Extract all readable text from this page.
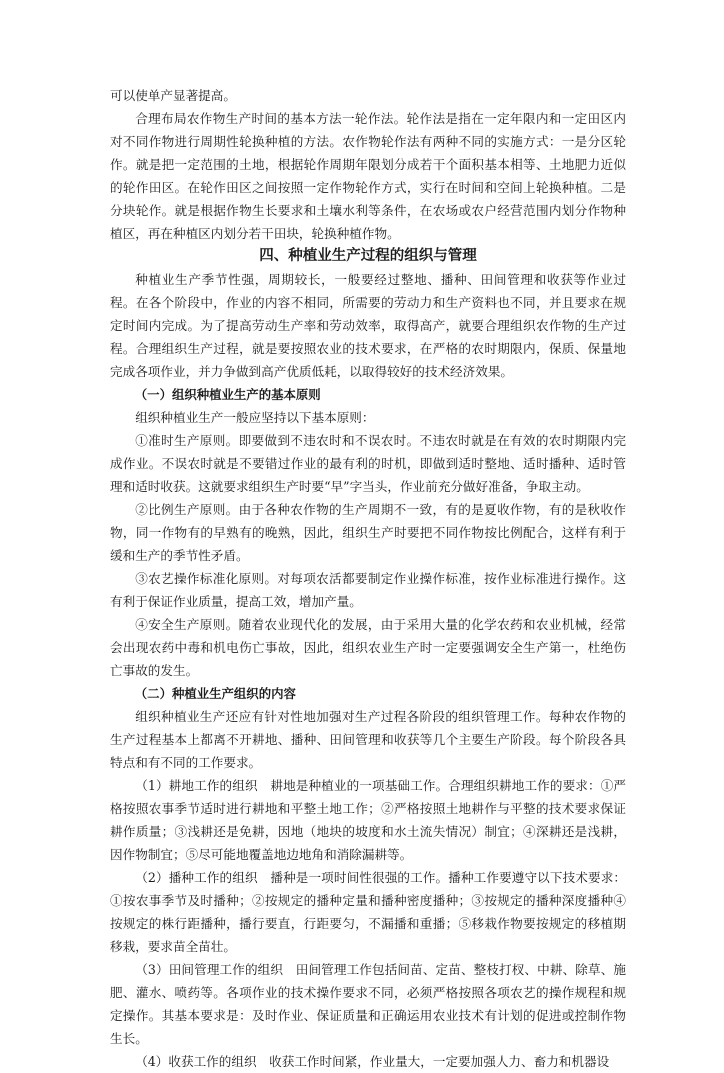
可以使单产显著提高。

合理布局农作物生产时间的基本方法一轮作法。轮作法是指在一定年限内和一定田区内对不同作物进行周期性轮换种植的方法。农作物轮作法有两种不同的实施方式：一是分区轮作。就是把一定范围的土地，根据轮作周期年限划分成若干个面积基本相等、土地肥力近似的轮作田区。在轮作田区之间按照一定作物轮作方式，实行在时间和空间上轮换种植。二是分块轮作。就是根据作物生长要求和土壤水利等条件，在农场或农户经营范围内划分作物种植区，再在种植区内划分若干田块，轮换种植作物。

四、种植业生产过程的组织与管理

种植业生产季节性强，周期较长，一般要经过整地、播种、田间管理和收获等作业过程。在各个阶段中，作业的内容不相同，所需要的劳动力和生产资料也不同，并且要求在规定时间内完成。为了提高劳动生产率和劳动效率，取得高产，就要合理组织农作物的生产过程。合理组织生产过程，就是要按照农业的技术要求，在严格的农时期限内，保质、保量地完成各项作业，并力争做到高产优质低耗，以取得较好的技术经济效果。

（一）组织种植业生产的基本原则

组织种植业生产一般应坚持以下基本原则：

①准时生产原则。即要做到不违农时和不误农时。不违农时就是在有效的农时期限内完成作业。不误农时就是不要错过作业的最有利的时机，即做到适时整地、适时播种、适时管理和适时收获。这就要求组织生产时要“早”字当头，作业前充分做好准备，争取主动。

②比例生产原则。由于各种农作物的生产周期不一致，有的是夏收作物，有的是秋收作物，同一作物有的早熟有的晚熟，因此，组织生产时要把不同作物按比例配合，这样有利于缓和生产的季节性矛盾。

③农艺操作标准化原则。对每项农活都要制定作业操作标准，按作业标准进行操作。这有利于保证作业质量，提高工效，增加产量。

④安全生产原则。随着农业现代化的发展，由于采用大量的化学农药和农业机械，经常会出现农药中毒和机电伤亡事故，因此，组织农业生产时一定要强调安全生产第一，杜绝伤亡事故的发生。

（二）种植业生产组织的内容

组织种植业生产还应有针对性地加强对生产过程各阶段的组织管理工作。每种农作物的生产过程基本上都离不开耕地、播种、田间管理和收获等几个主要生产阶段。每个阶段各具特点和有不同的工作要求。

（1）耕地工作的组织　耕地是种植业的一项基础工作。合理组织耕地工作的要求：①严格按照农事季节适时进行耕地和平整土地工作；②严格按照土地耕作与平整的技术要求保证耕作质量；③浅耕还是免耕，因地（地块的坡度和水土流失情况）制宜；④深耕还是浅耕，因作物制宜；⑤尽可能地覆盖地边地角和消除漏耕等。

（2）播种工作的组织　播种是一项时间性很强的工作。播种工作要遵守以下技术要求：①按农事季节及时播种；②按规定的播种定量和播种密度播种；③按规定的播种深度播种④按规定的株行距播种，播行要直，行距要匀，不漏播和重播；⑤移栽作物要按规定的移植期移栽，要求苗全苗壮。

（3）田间管理工作的组织　田间管理工作包括间苗、定苗、整枝打杈、中耕、除草、施肥、灌水、喷药等。各项作业的技术操作要求不同，必须严格按照各项农艺的操作规程和规定操作。其基本要求是：及时作业、保证质量和正确运用农业技术有计划的促进或控制作物生长。

（4）收获工作的组织　收获工作时间紧，作业量大，一定要加强人力、畜力和机器设
